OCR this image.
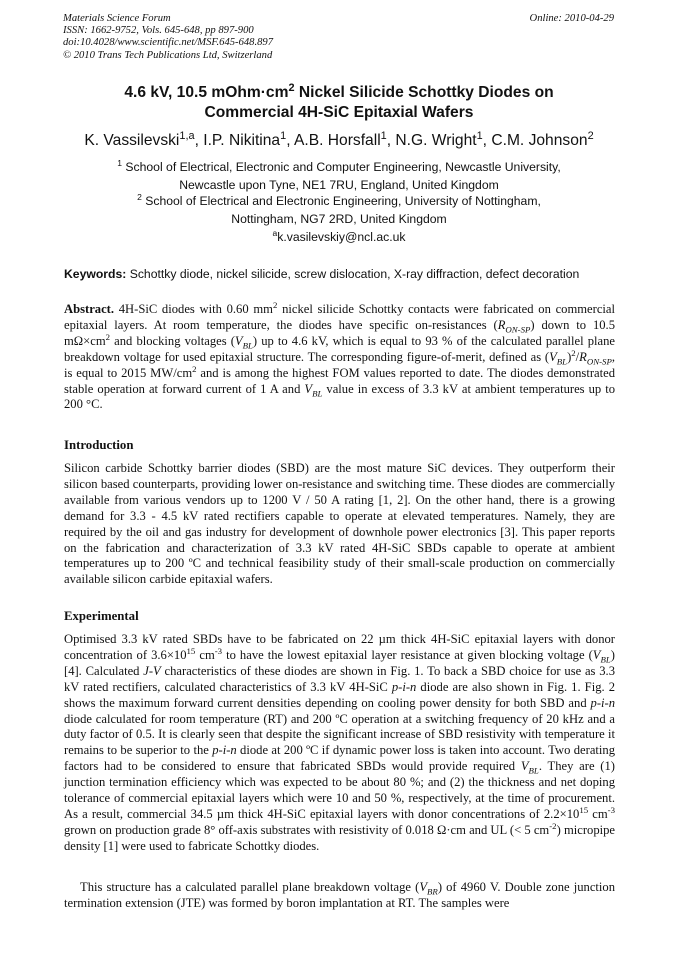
Materials Science Forum
ISSN: 1662-9752, Vols. 645-648, pp 897-900
doi:10.4028/www.scientific.net/MSF.645-648.897
© 2010 Trans Tech Publications Ltd, Switzerland
Online: 2010-04-29
4.6 kV, 10.5 $mOhm\cdot cm^2$ Nickel Silicide Schottky Diodes on
Commercial 4H-SiC Epitaxial Wafers
K. Vassilevski$^{1,a}$, I.P. Nikitina$^1$, A.B. Horsfall$^1$, N.G. Wright$^1$, C.M. Johnson$^2$
$^1$ School of Electrical, Electronic and Computer Engineering, Newcastle University,
Newcastle upon Tyne, NE1 7RU, England, United Kingdom
$^2$ School of Electrical and Electronic Engineering, University of Nottingham,
Nottingham, NG7 2RD, United Kingdom
$^a$k.vasilevskiy@ncl.ac.uk
Keywords: Schottky diode, nickel silicide, screw dislocation, X-ray diffraction, defect decoration
Abstract. 4H-SiC diodes with 0.60 $mm^2$ nickel silicide Schottky contacts were fabricated on commercial epitaxial layers. At room temperature, the diodes have specific on-resistances $(R_{ON-SP})$ down to 10.5 $m\Omega\times cm^2$ and blocking voltages $(V_{BL})$ up to 4.6 kV, which is equal to 93 % of the calculated parallel plane breakdown voltage for used epitaxial structure. The corresponding figure-of-merit, defined as $(V_{BL})^2/R_{ON-SP}$, is equal to 2015 $MW/cm^2$ and is among the highest FOM values reported to date. The diodes demonstrated stable operation at forward current of 1 A and $V_{BL}$ value in excess of 3.3 kV at ambient temperatures up to 200 °C.
Introduction
Silicon carbide Schottky barrier diodes (SBD) are the most mature SiC devices. They outperform their silicon based counterparts, providing lower on-resistance and switching time. These diodes are commercially available from various vendors up to 1200 V / 50 A rating [1, 2]. On the other hand, there is a growing demand for 3.3 - 4.5 kV rated rectifiers capable to operate at elevated temperatures. Namely, they are required by the oil and gas industry for development of downhole power electronics [3]. This paper reports on the fabrication and characterization of 3.3 kV rated 4H-SiC SBDs capable to operate at ambient temperatures up to 200 ºC and technical feasibility study of their small-scale production on commercially available silicon carbide epitaxial wafers.
Experimental
Optimised 3.3 kV rated SBDs have to be fabricated on 22 µm thick 4H-SiC epitaxial layers with donor concentration of $3.6\times 10^{15}$ $cm^{-3}$ to have the lowest epitaxial layer resistance at given blocking voltage $(V_{BL})$ [4]. Calculated J-V characteristics of these diodes are shown in Fig. 1. To back a SBD choice for use as 3.3 kV rated rectifiers, calculated characteristics of 3.3 kV 4H-SiC p-i-n diode are also shown in Fig. 1. Fig. 2 shows the maximum forward current densities depending on cooling power density for both SBD and p-i-n diode calculated for room temperature (RT) and 200 ºC operation at a switching frequency of 20 kHz and a duty factor of 0.5. It is clearly seen that despite the significant increase of SBD resistivity with temperature it remains to be superior to the p-i-n diode at 200 ºC if dynamic power loss is taken into account. Two derating factors had to be considered to ensure that fabricated SBDs would provide required $V_{BL}$. They are (1) junction termination efficiency which was expected to be about 80 %; and (2) the thickness and net doping tolerance of commercial epitaxial layers which were 10 and 50 %, respectively, at the time of procurement. As a result, commercial 34.5 µm thick 4H-SiC epitaxial layers with donor concentrations of $2.2\times 10^{15}$ $cm^{-3}$ grown on production grade 8° off-axis substrates with resistivity of 0.018 Ω·cm and UL (< 5 $cm^{-2}$) micropipe density [1] were used to fabricate Schottky diodes.
This structure has a calculated parallel plane breakdown voltage $(V_{BR})$ of 4960 V. Double zone junction termination extension (JTE) was formed by boron implantation at RT. The samples were
